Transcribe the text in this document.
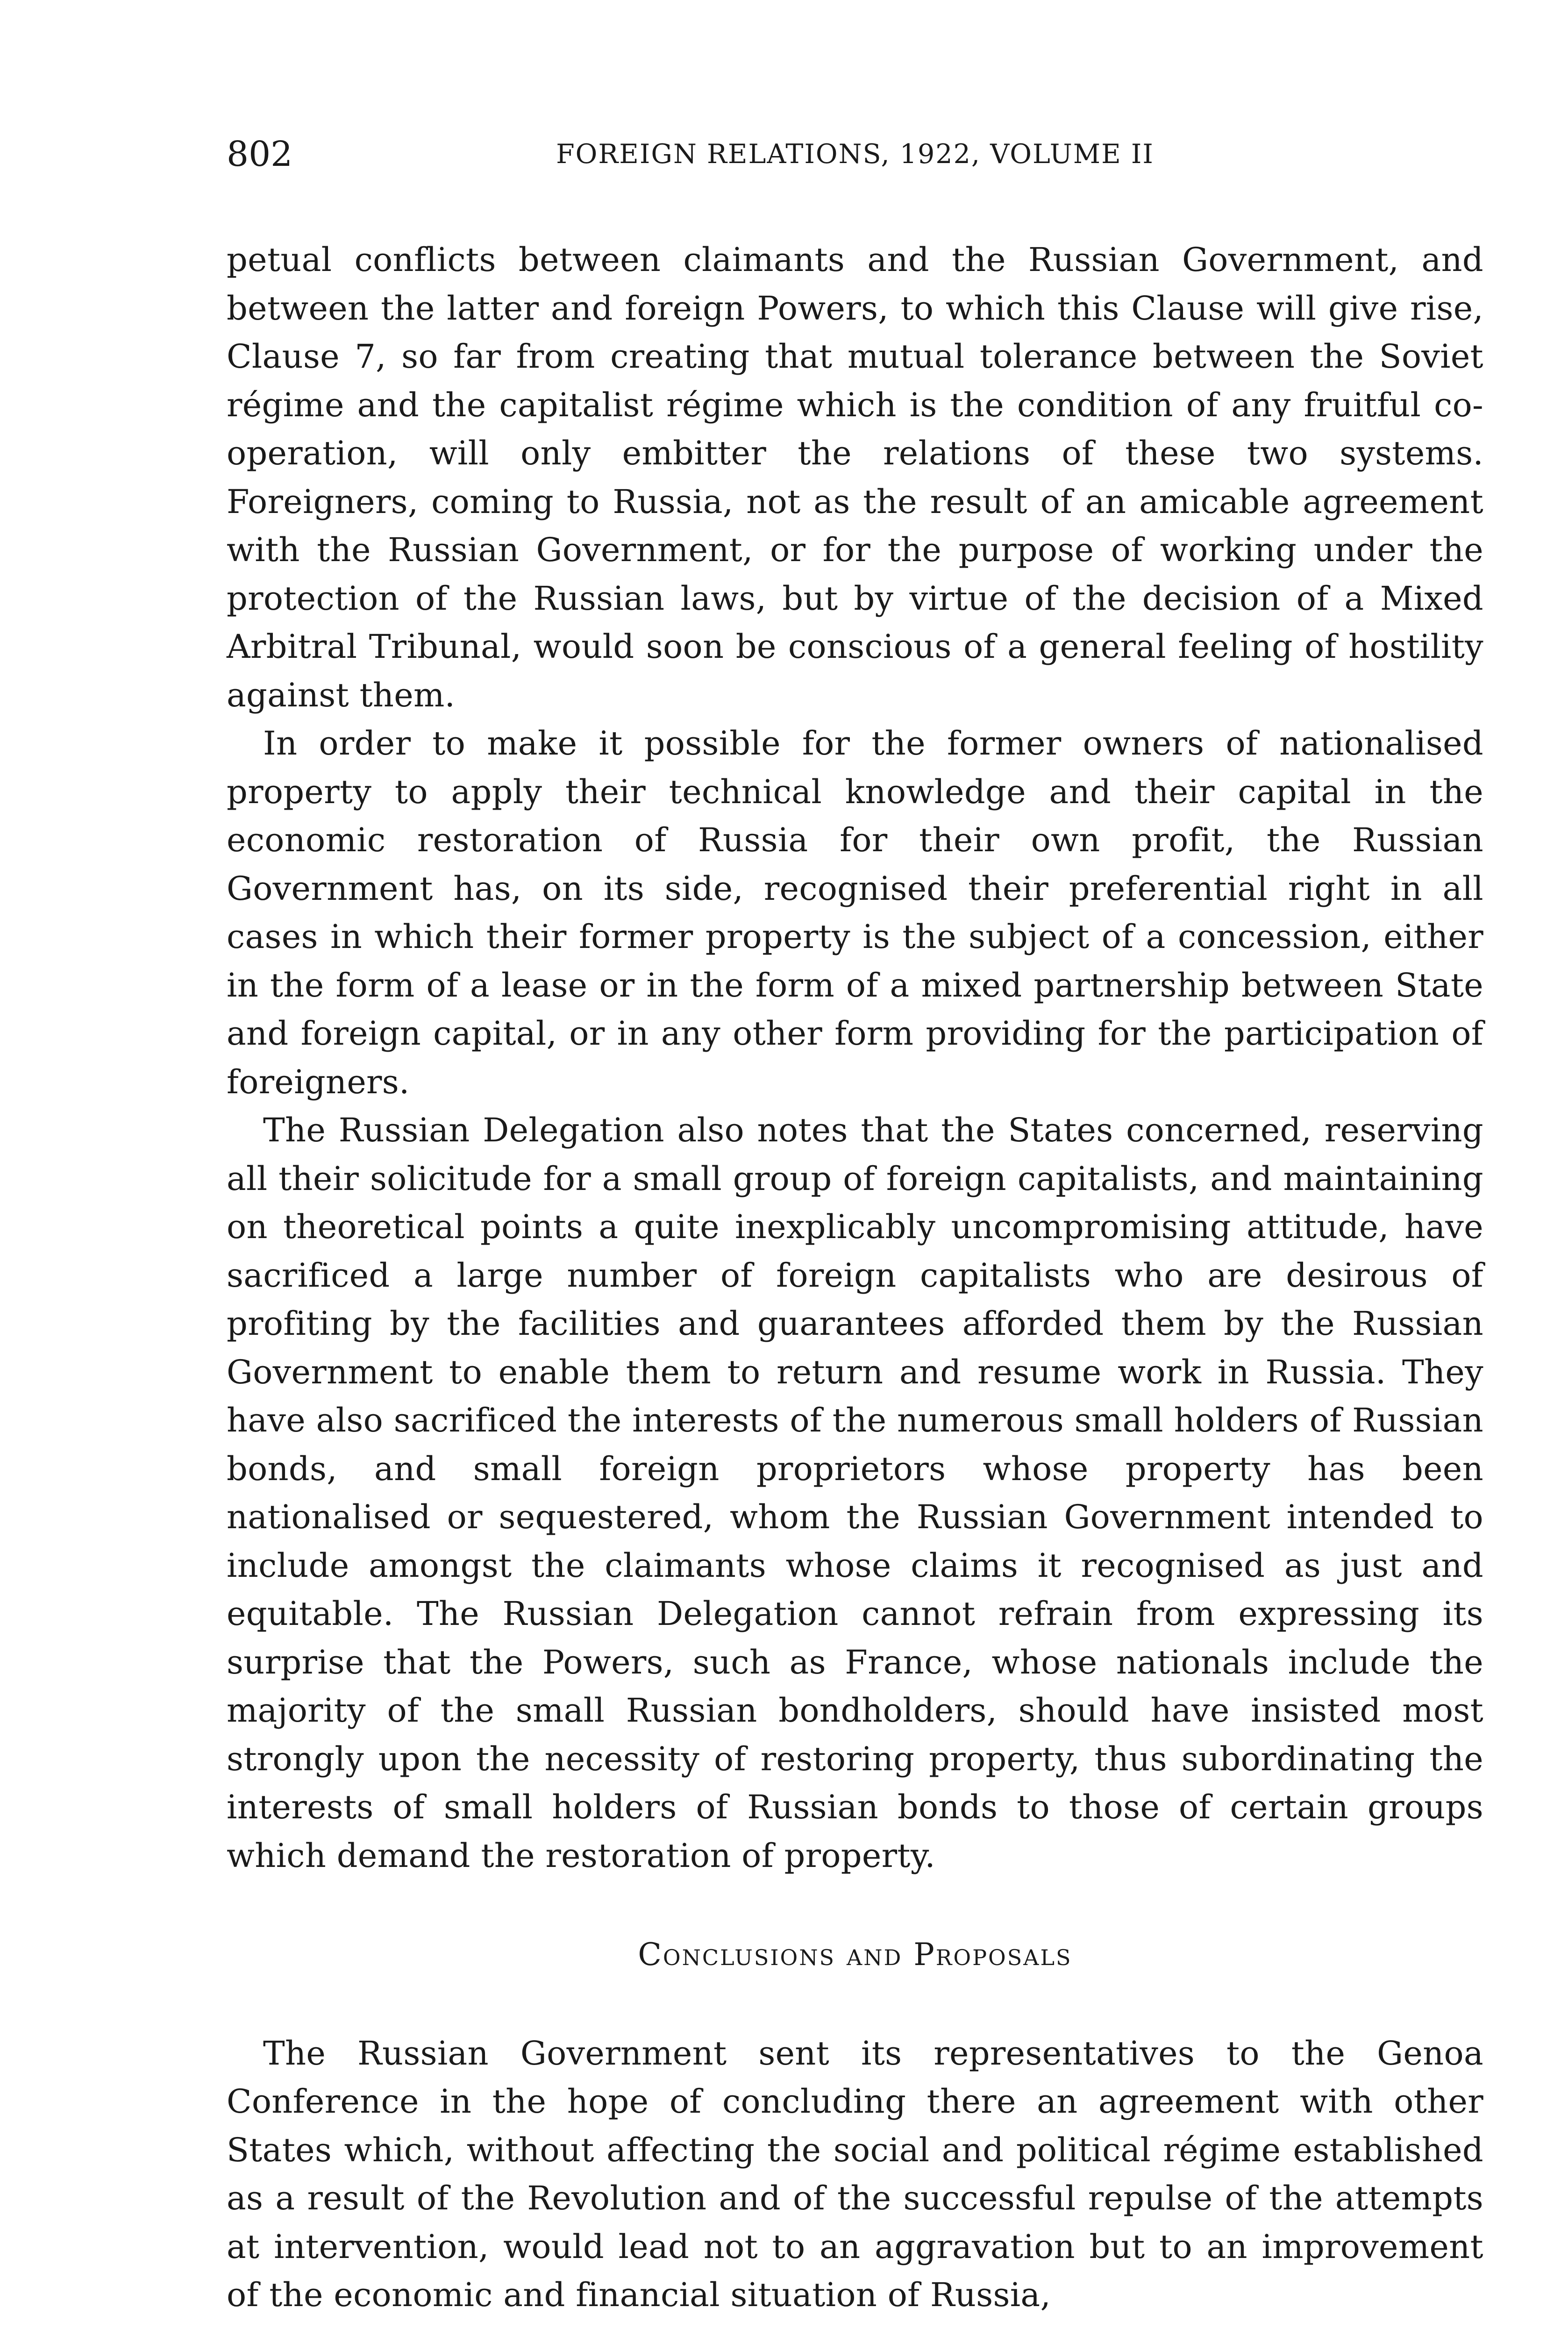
802	FOREIGN RELATIONS, 1922, VOLUME II

petual conflicts between claimants and the Russian Government, and between the latter and foreign Powers, to which this Clause will give rise, Clause 7, so far from creating that mutual tolerance between the Soviet régime and the capitalist régime which is the condition of any fruitful co-operation, will only embitter the relations of these two systems. Foreigners, coming to Russia, not as the result of an amicable agreement with the Russian Government, or for the purpose of working under the protection of the Russian laws, but by virtue of the decision of a Mixed Arbitral Tribunal, would soon be conscious of a general feeling of hostility against them.

In order to make it possible for the former owners of nationalised property to apply their technical knowledge and their capital in the economic restoration of Russia for their own profit, the Russian Government has, on its side, recognised their preferential right in all cases in which their former property is the subject of a concession, either in the form of a lease or in the form of a mixed partnership between State and foreign capital, or in any other form providing for the participation of foreigners.

The Russian Delegation also notes that the States concerned, reserving all their solicitude for a small group of foreign capitalists, and maintaining on theoretical points a quite inexplicably uncompromising attitude, have sacrificed a large number of foreign capitalists who are desirous of profiting by the facilities and guarantees afforded them by the Russian Government to enable them to return and resume work in Russia. They have also sacrificed the interests of the numerous small holders of Russian bonds, and small foreign proprietors whose property has been nationalised or sequestered, whom the Russian Government intended to include amongst the claimants whose claims it recognised as just and equitable. The Russian Delegation cannot refrain from expressing its surprise that the Powers, such as France, whose nationals include the majority of the small Russian bondholders, should have insisted most strongly upon the necessity of restoring property, thus subordinating the interests of small holders of Russian bonds to those of certain groups which demand the restoration of property.

Conclusions and Proposals

The Russian Government sent its representatives to the Genoa Conference in the hope of concluding there an agreement with other States which, without affecting the social and political régime established as a result of the Revolution and of the successful repulse of the attempts at intervention, would lead not to an aggravation but to an improvement of the economic and financial situation of Russia,
